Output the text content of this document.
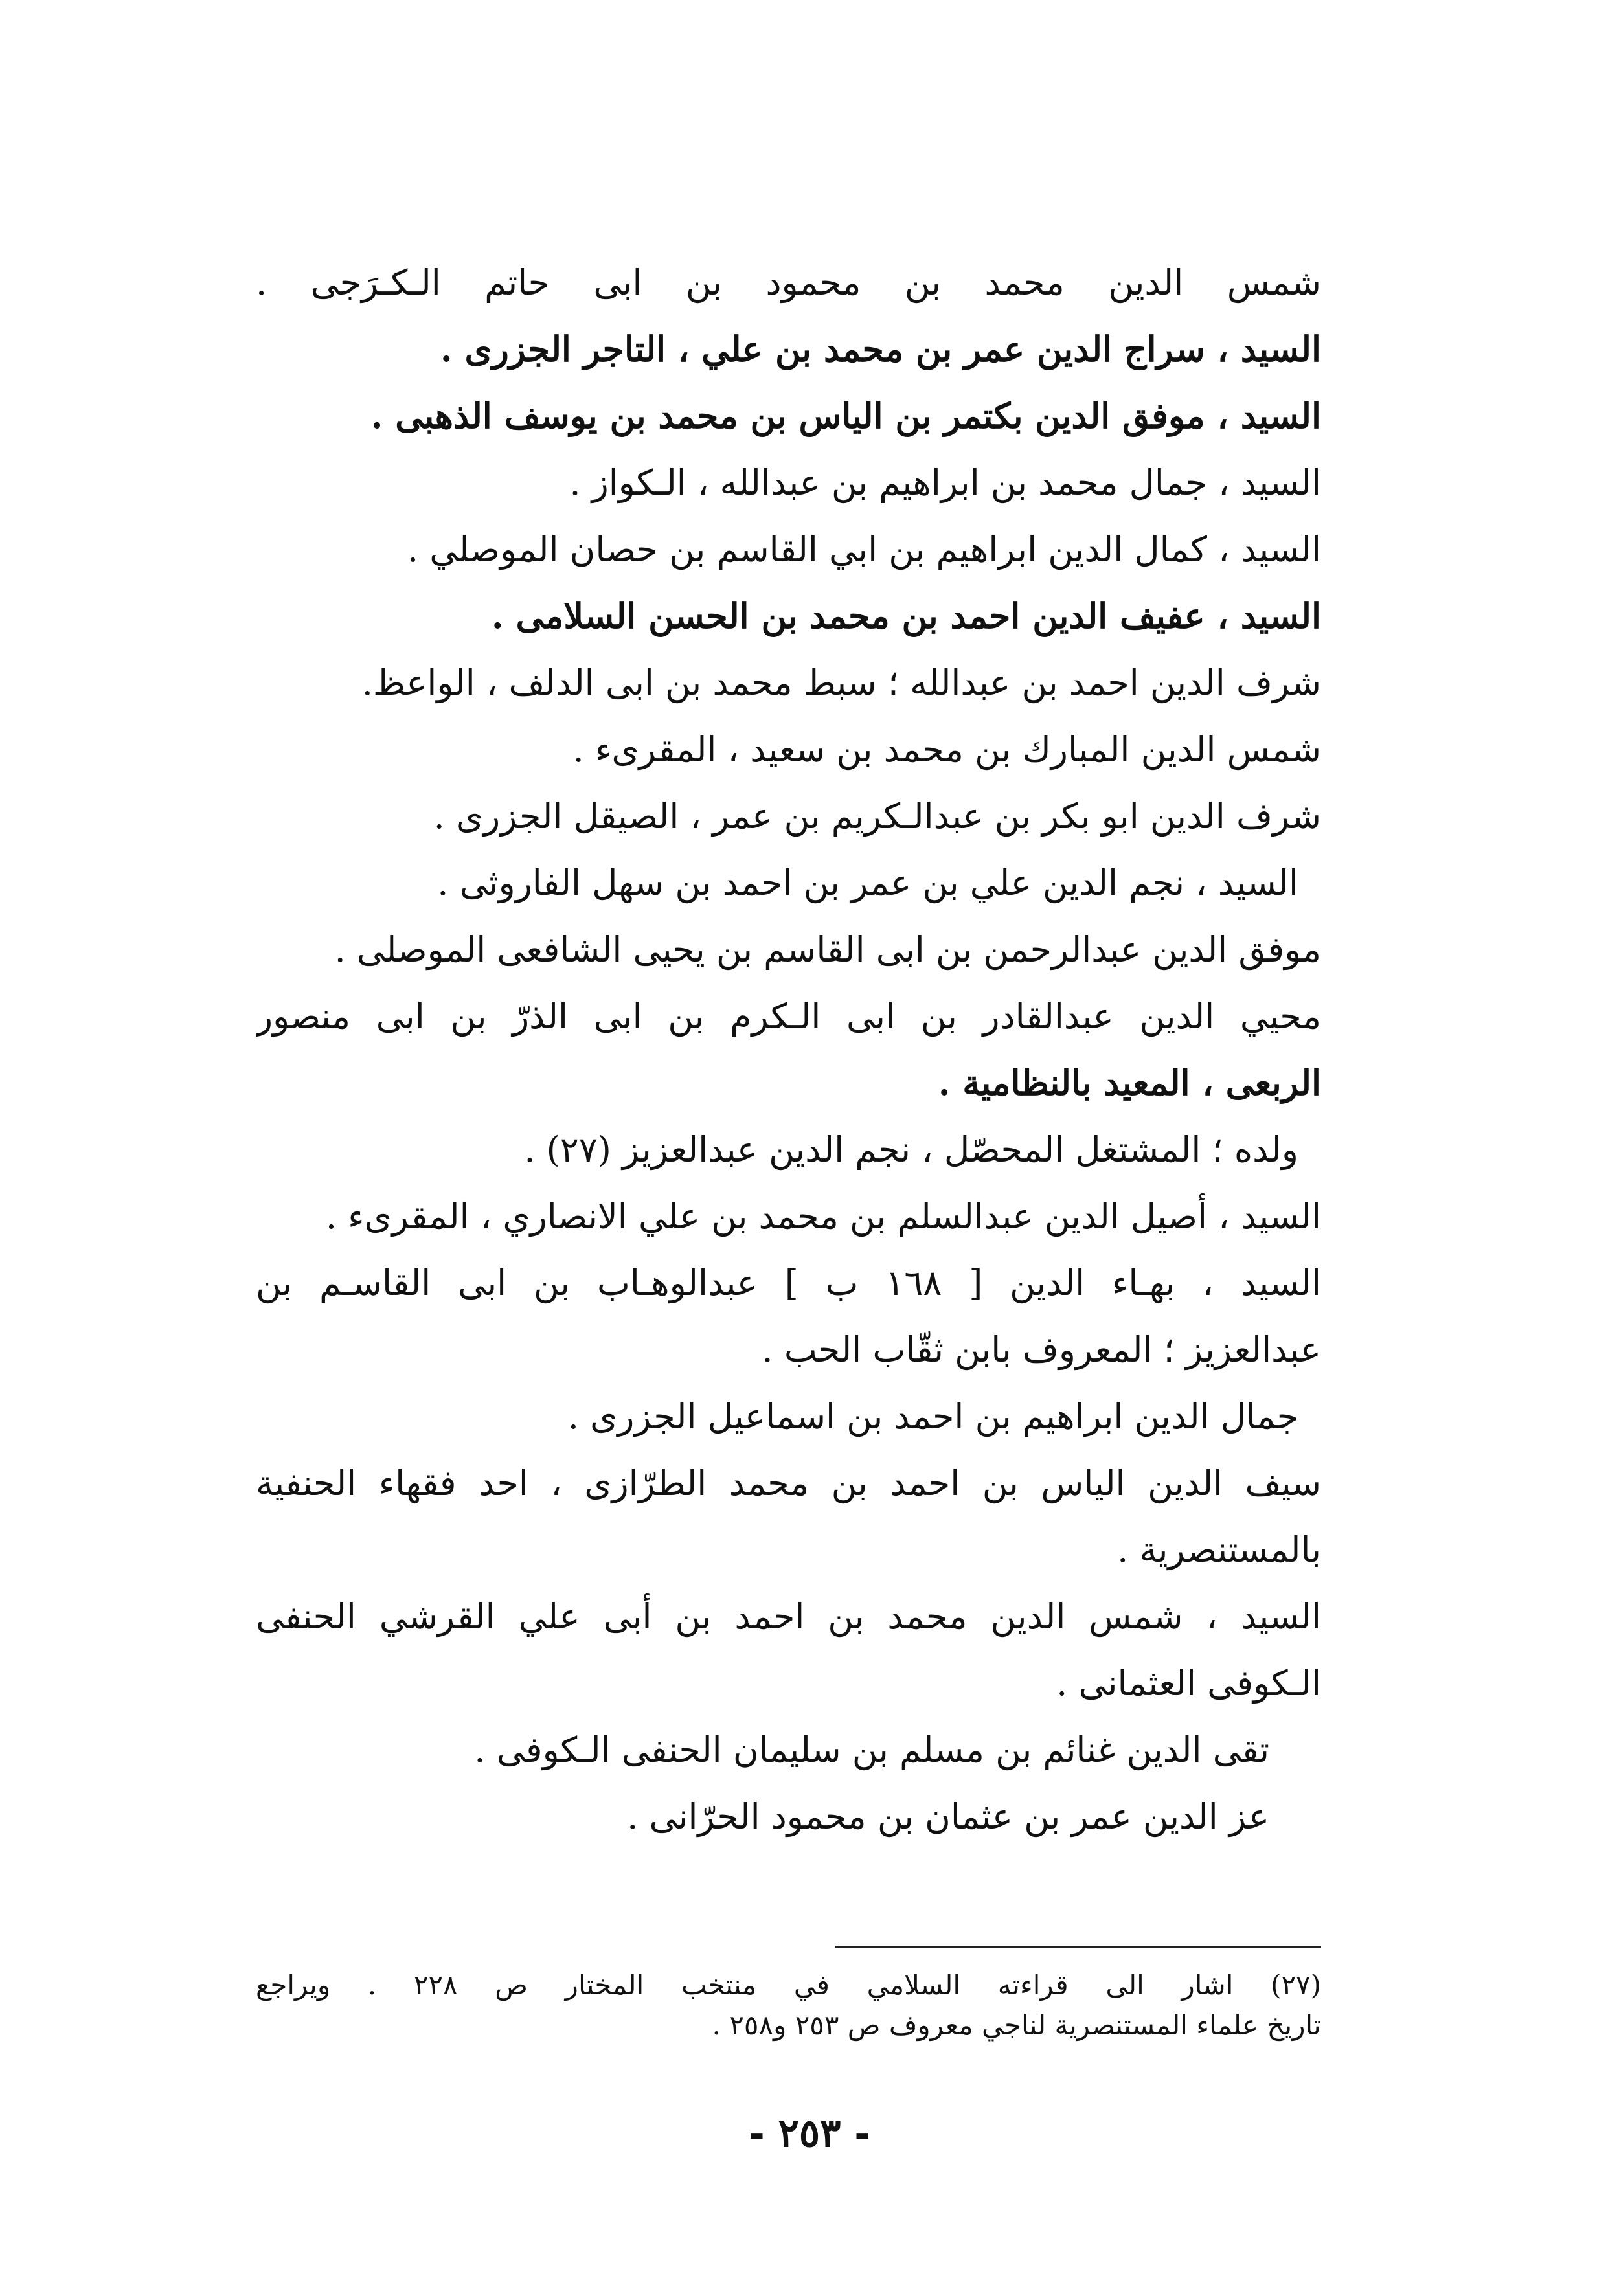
شمس الدين محمد بن محمود بن ابى حاتم الـكـرَجى .
السيد ، سراج الدين عمر بن محمد بن علي ، التاجر الجزرى .
السيد ، موفق الدين بكتمر بن الياس بن محمد بن يوسف الذهبى .
السيد ، جمال محمد بن ابراهيم بن عبدالله ، الـكواز .
السيد ، كمال الدين ابراهيم بن ابي القاسم بن حصان الموصلي .
السيد ، عفيف الدين احمد بن محمد بن الحسن السلامى .
شرف الدين احمد بن عبدالله ؛ سبط محمد بن ابى الدلف ، الواعظ.
شمس الدين المبارك بن محمد بن سعيد ، المقرىء .
شرف الدين ابو بكر بن عبدالـكريم بن عمر ، الصيقل الجزرى .
السيد ، نجم الدين علي بن عمر بن احمد بن سهل الفاروثى .
موفق الدين عبدالرحمن بن ابى القاسم بن يحيى الشافعى الموصلى .
محيي الدين عبدالقادر بن ابى الـكرم بن ابى الذرّ بن ابى منصور
الربعى ، المعيد بالنظامية .
ولده ؛ المشتغل المحصّل ، نجم الدين عبدالعزيز (٢٧) .
السيد ، أصيل الدين عبدالسلم بن محمد بن علي الانصاري ، المقرىء .
السيد ، بهـاء الدين [ ١٦٨ ب ] عبدالوهـاب بن ابى القاسـم بن
عبدالعزيز ؛ المعروف بابن ثقّاب الحب .
جمال الدين ابراهيم بن احمد بن اسماعيل الجزرى .
سيف الدين الياس بن احمد بن محمد الطرّازى ، احد فقهاء الحنفية
بالمستنصرية .
السيد ، شمس الدين محمد بن احمد بن أبى علي القرشي الحنفى
الـكوفى العثمانى .
تقى الدين غنائم بن مسلم بن سليمان الحنفى الـكوفى .
عز الدين عمر بن عثمان بن محمود الحرّانى .
(٢٧) اشار الى قراءته السلامي في منتخب المختار ص ٢٢٨ . ويراجع
تاريخ علماء المستنصرية لناجي معروف ص ٢٥٣ و٢٥٨ .
- ٢٥٣ -
